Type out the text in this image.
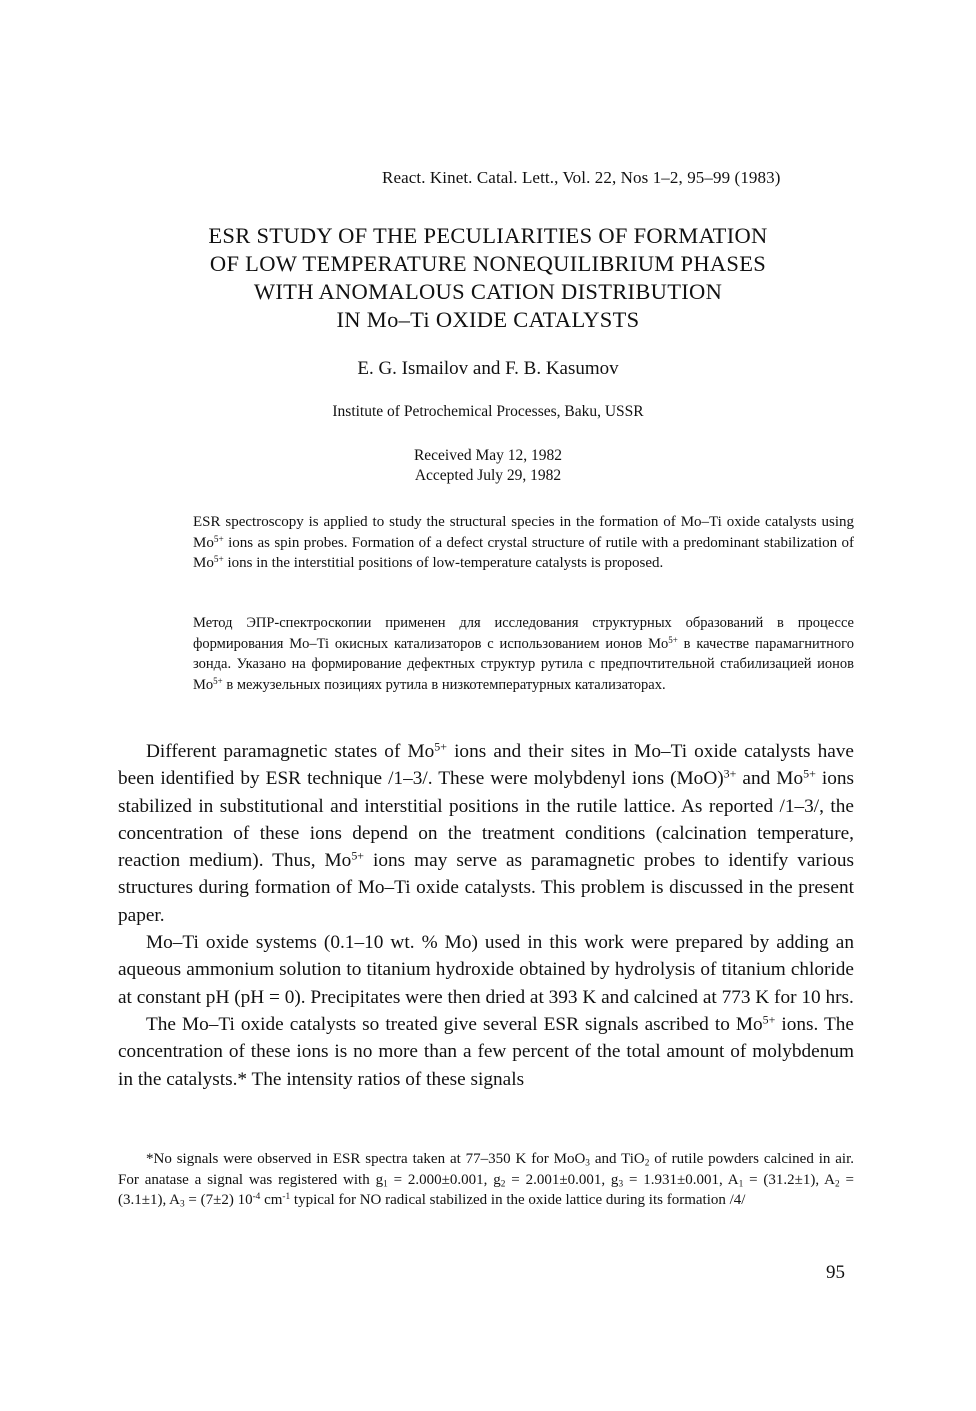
React. Kinet. Catal. Lett., Vol. 22, Nos 1–2, 95–99 (1983)
ESR STUDY OF THE PECULIARITIES OF FORMATION
OF LOW TEMPERATURE NONEQUILIBRIUM PHASES
WITH ANOMALOUS CATION DISTRIBUTION
IN Mo–Ti OXIDE CATALYSTS
E. G. Ismailov and F. B. Kasumov
Institute of Petrochemical Processes, Baku, USSR
Received May 12, 1982
Accepted July 29, 1982
ESR spectroscopy is applied to study the structural species in the formation of Mo–Ti oxide catalysts using $Mo^{5+}$ ions as spin probes. Formation of a defect crystal structure of rutile with a predominant stabilization of $Mo^{5+}$ ions in the interstitial positions of low-temperature catalysts is proposed.
Метод ЭПР-спектроскопии применен для исследования структурных образований в процессе формирования Mo–Ti окисных катализаторов с использованием ионов $Mo^{5+}$ в качестве парамагнитного зонда. Указано на формирование дефектных структур рутила с предпочтительной стабилизацией ионов $Mo^{5+}$ в межузельных позициях рутила в низкотемпературных катализаторах.

Different paramagnetic states of $Mo^{5+}$ ions and their sites in Mo–Ti oxide catalysts have been identified by ESR technique /1–3/. These were molybdenyl ions (MoO)$^{3+}$ and $Mo^{5+}$ ions stabilized in substitutional and interstitial positions in the rutile lattice. As reported /1–3/, the concentration of these ions depend on the treatment conditions (calcination temperature, reaction medium). Thus, $Mo^{5+}$ ions may serve as paramagnetic probes to identify various structures during formation of Mo–Ti oxide catalysts. This problem is discussed in the present paper.

Mo–Ti oxide systems (0.1–10 wt. % Mo) used in this work were prepared by adding an aqueous ammonium solution to titanium hydroxide obtained by hydrolysis of titanium chloride at constant pH (pH = 0). Precipitates were then dried at 393 K and calcined at 773 K for 10 hrs.

The Mo–Ti oxide catalysts so treated give several ESR signals ascribed to $Mo^{5+}$ ions. The concentration of these ions is no more than a few percent of the total amount of molybdenum in the catalysts.* The intensity ratios of these signals

*No signals were observed in ESR spectra taken at 77–350 K for MoO$_3$ and TiO$_2$ of rutile powders calcined in air. For anatase a signal was registered with $g_1 = 2.000\pm 0.001$, $g_2 = 2.001\pm 0.001$, $g_3 = 1.931\pm 0.001$, $A_1 = (31.2\pm 1)$, $A_2 = (3.1\pm 1)$, $A_3 = (7\pm 2)$ $10^{-4}$ $cm^{-1}$ typical for NO radical stabilized in the oxide lattice during its formation /4/

95
